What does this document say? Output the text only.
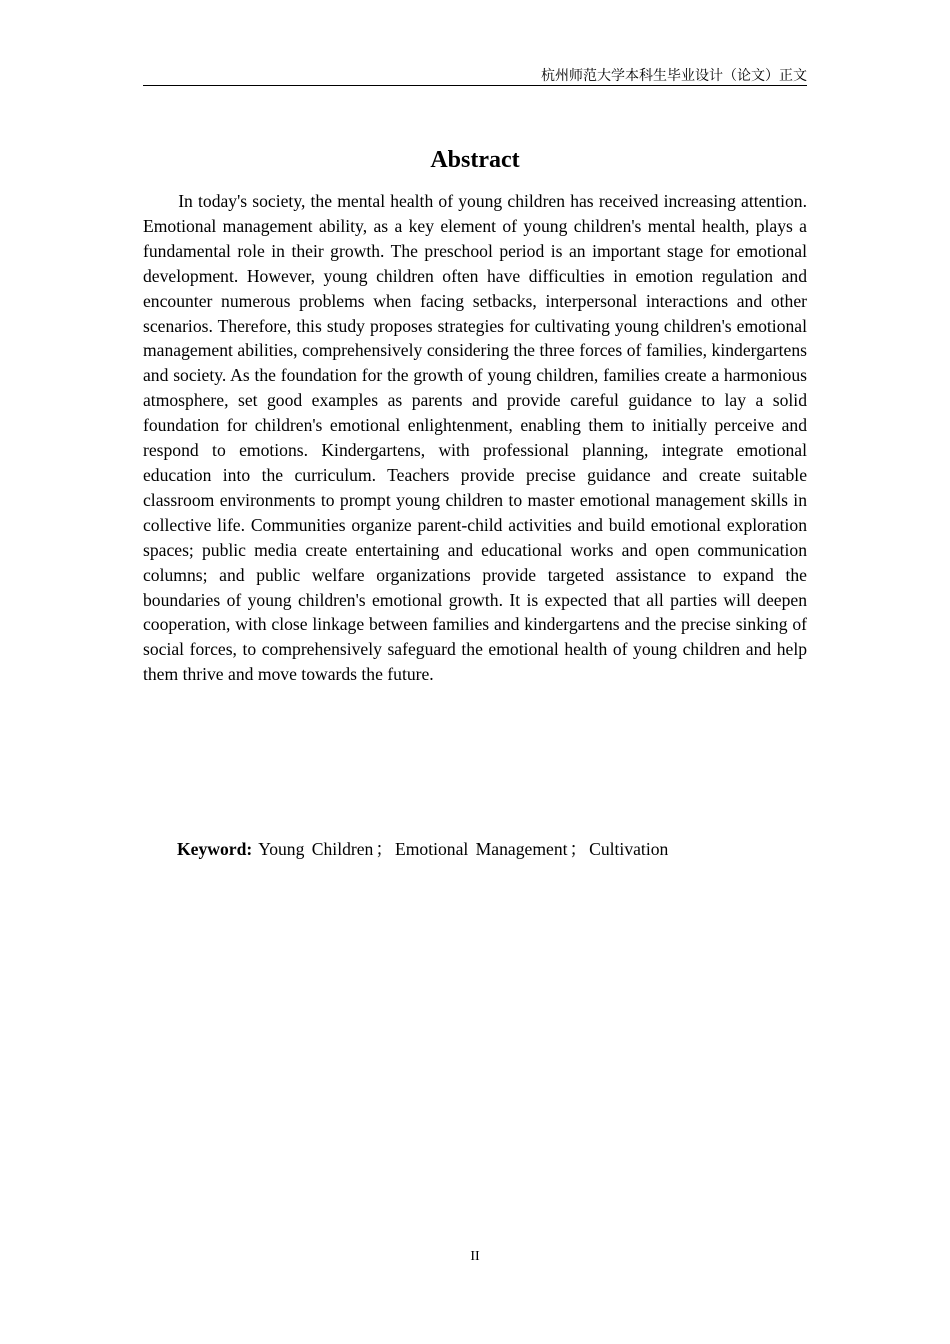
杭州师范大学本科生毕业设计（论文）正文
Abstract

In today's society, the mental health of young children has received increasing attention. Emotional management ability, as a key element of young children's mental health, plays a fundamental role in their growth. The preschool period is an important stage for emotional development. However, young children often have difficulties in emotion regulation and encounter numerous problems when facing setbacks, interpersonal interactions and other scenarios. Therefore, this study proposes strategies for cultivating young children's emotional management abilities, comprehensively considering the three forces of families, kindergartens and society. As the foundation for the growth of young children, families create a harmonious atmosphere, set good examples as parents and provide careful guidance to lay a solid foundation for children's emotional enlightenment, enabling them to initially perceive and respond to emotions. Kindergartens, with professional planning, integrate emotional education into the curriculum. Teachers provide precise guidance and create suitable classroom environments to prompt young children to master emotional management skills in collective life. Communities organize parent-child activities and build emotional exploration spaces; public media create entertaining and educational works and open communication columns; and public welfare organizations provide targeted assistance to expand the boundaries of young children's emotional growth. It is expected that all parties will deepen cooperation, with close linkage between families and kindergartens and the precise sinking of social forces, to comprehensively safeguard the emotional health of young children and help them thrive and move towards the future.

Keyword: Young Children ； Emotional Management ； Cultivation
II
